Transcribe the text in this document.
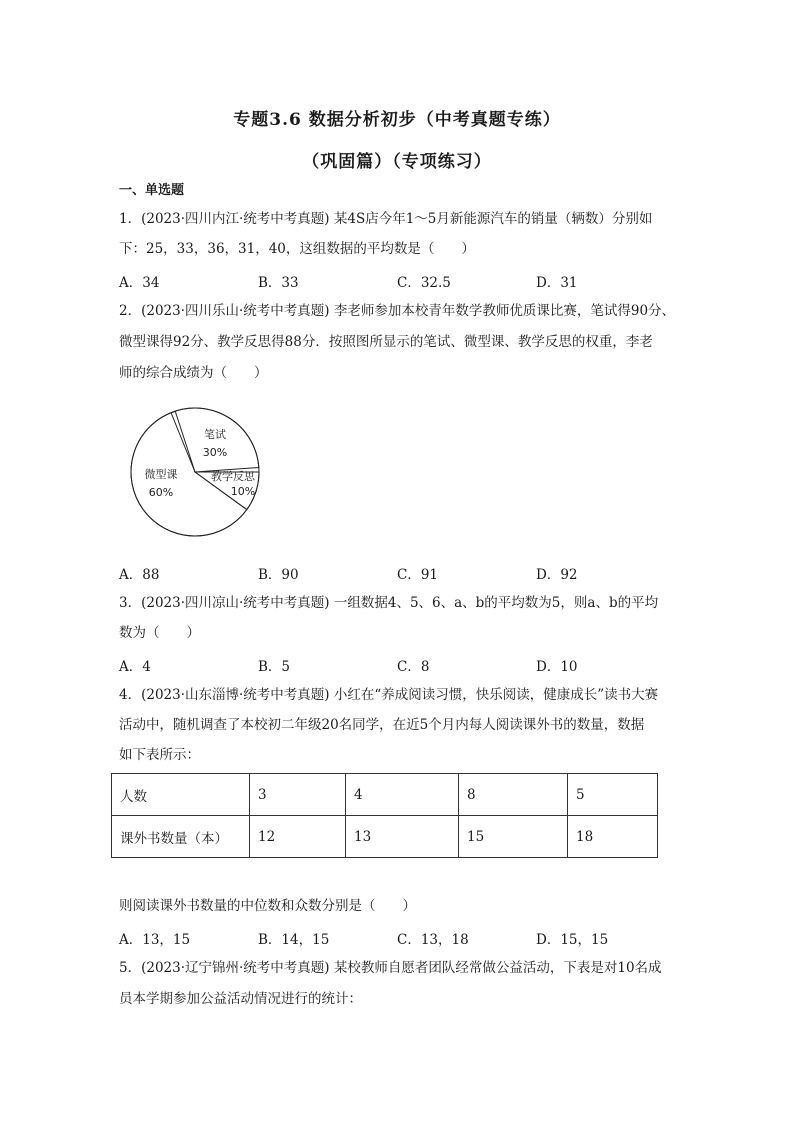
专题3.6 数据分析初步（中考真题专练）
（巩固篇）（专项练习）
一、单选题
1．(2023·四川内江·统考中考真题) 某4S店今年1～5月新能源汽车的销量（辆数）分别如
下：25，33，36，31，40，这组数据的平均数是（　　）
A．34	B．33	C．32.5	D．31
2．(2023·四川乐山·统考中考真题) 李老师参加本校青年数学教师优质课比赛，笔试得90分、
微型课得92分、教学反思得88分．按照图所显示的笔试、微型课、教学反思的权重，李老
师的综合成绩为（　　）
笔试
30%
微型课
60%
教学反思
10%
A．88	B．90	C．91	D．92
3．(2023·四川凉山·统考中考真题) 一组数据4、5、6、a、b的平均数为5，则a、b的平均
数为（　　）
A．4	B．5	C．8	D．10
4．(2023·山东淄博·统考中考真题) 小红在“养成阅读习惯，快乐阅读，健康成长”读书大赛
活动中，随机调查了本校初二年级20名同学，在近5个月内每人阅读课外书的数量，数据
如下表所示：
人数	3	4	8	5
课外书数量（本）	12	13	15	18
则阅读课外书数量的中位数和众数分别是（　　）
A．13，15	B．14，15	C．13，18	D．15，15
5．(2023·辽宁锦州·统考中考真题) 某校教师自愿者团队经常做公益活动，下表是对10名成
员本学期参加公益活动情况进行的统计：
